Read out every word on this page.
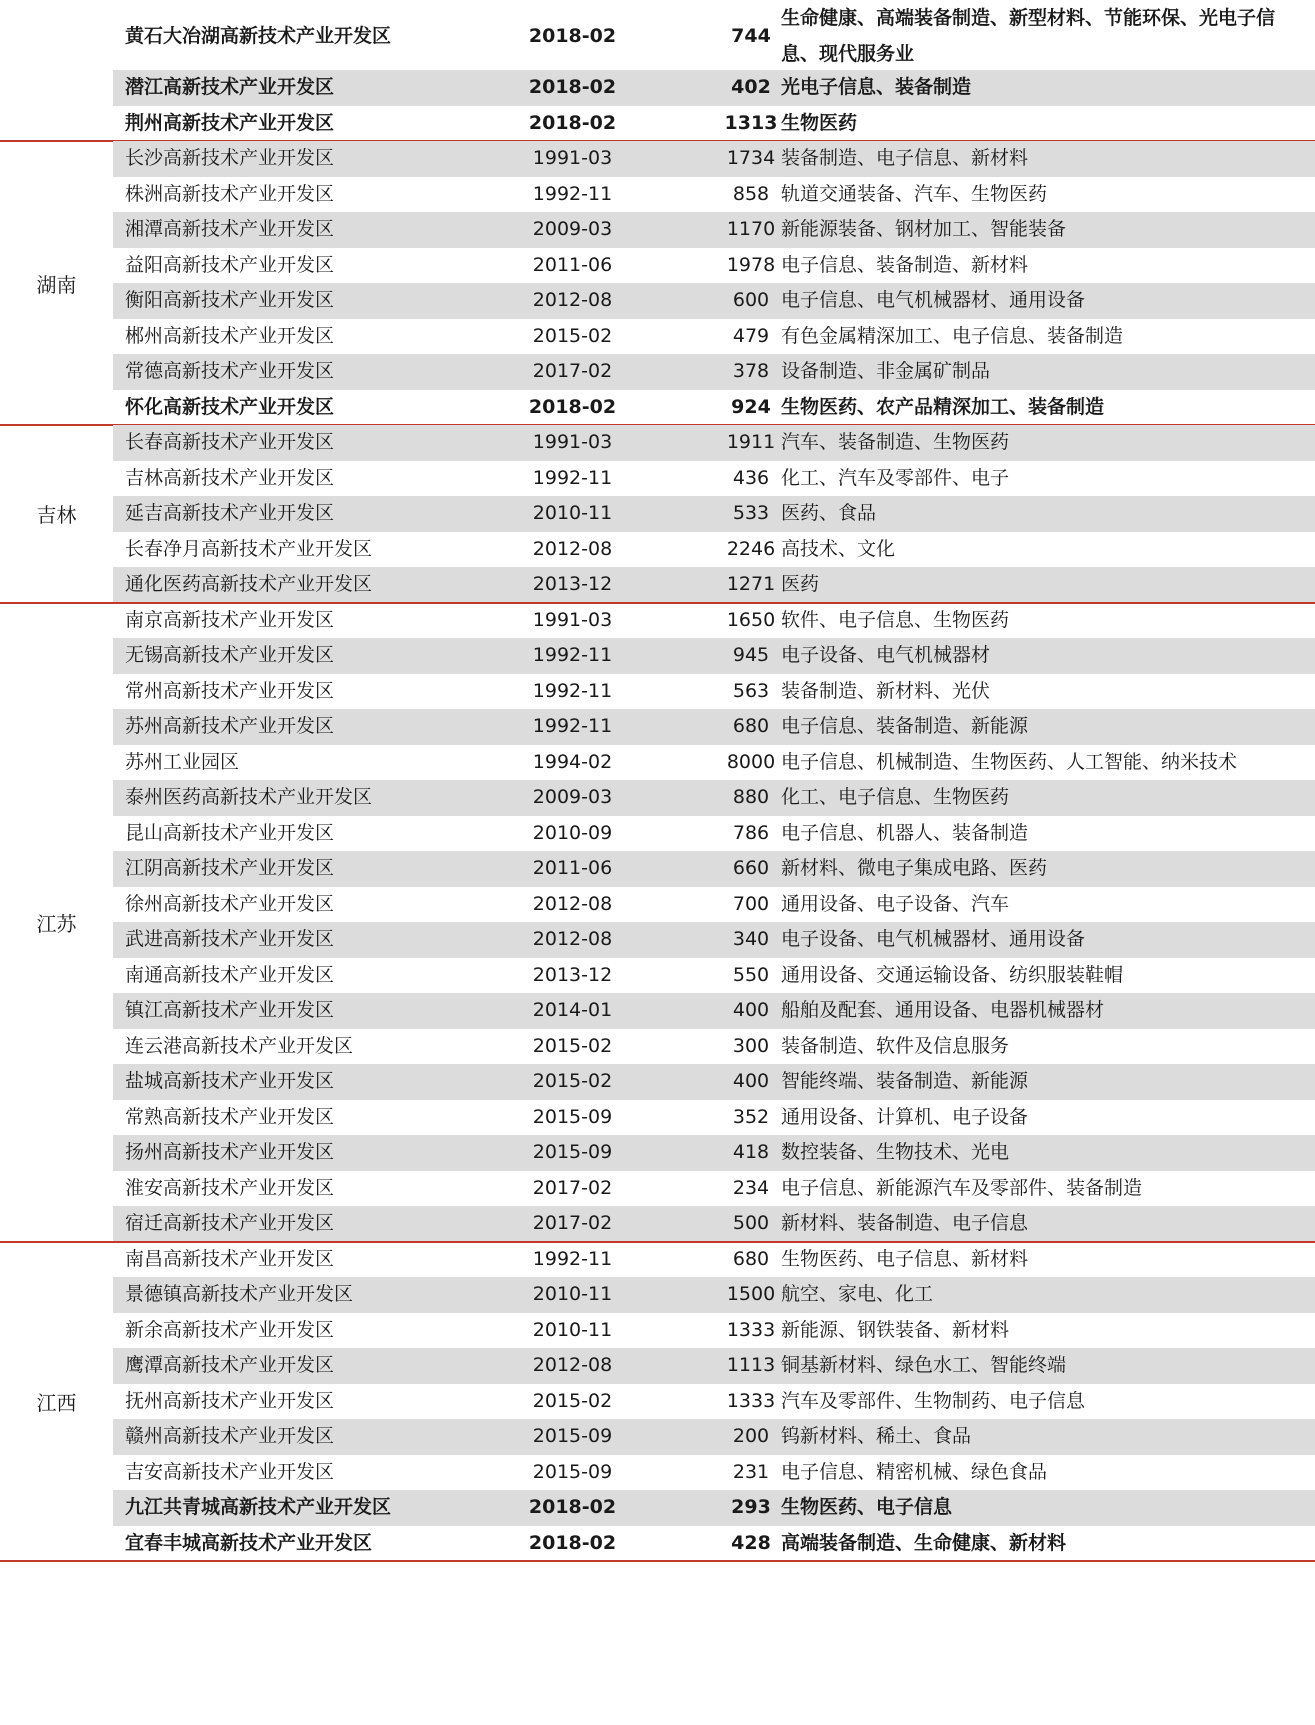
黄石大冶湖高新技术产业开发区	2018-02	744
生命健康、高端装备制造、新型材料、节能环保、光电子信息、现代服务业
潜江高新技术产业开发区	2018-02	402 光电子信息、装备制造
荆州高新技术产业开发区	2018-02	1313 生物医药
长沙高新技术产业开发区	1991-03	1734 装备制造、电子信息、新材料
株洲高新技术产业开发区	1992-11	858 轨道交通装备、汽车、生物医药
湘潭高新技术产业开发区	2009-03	1170 新能源装备、钢材加工、智能装备
益阳高新技术产业开发区	2011-06	1978 电子信息、装备制造、新材料
衡阳高新技术产业开发区	2012-08	600 电子信息、电气机械器材、通用设备
郴州高新技术产业开发区	2015-02	479 有色金属精深加工、电子信息、装备制造
常德高新技术产业开发区	2017-02	378 设备制造、非金属矿制品
怀化高新技术产业开发区	2018-02	924 生物医药、农产品精深加工、装备制造
湖南
长春高新技术产业开发区	1991-03	1911 汽车、装备制造、生物医药
吉林高新技术产业开发区	1992-11	436 化工、汽车及零部件、电子
延吉高新技术产业开发区	2010-11	533 医药、食品
长春净月高新技术产业开发区	2012-08	2246 高技术、文化
通化医药高新技术产业开发区	2013-12	1271 医药
吉林
南京高新技术产业开发区	1991-03	1650 软件、电子信息、生物医药
无锡高新技术产业开发区	1992-11	945 电子设备、电气机械器材
常州高新技术产业开发区	1992-11	563 装备制造、新材料、光伏
苏州高新技术产业开发区	1992-11	680 电子信息、装备制造、新能源
苏州工业园区	1994-02	8000 电子信息、机械制造、生物医药、人工智能、纳米技术
泰州医药高新技术产业开发区	2009-03	880 化工、电子信息、生物医药
昆山高新技术产业开发区	2010-09	786 电子信息、机器人、装备制造
江阴高新技术产业开发区	2011-06	660 新材料、微电子集成电路、医药
徐州高新技术产业开发区	2012-08	700 通用设备、电子设备、汽车
武进高新技术产业开发区	2012-08	340 电子设备、电气机械器材、通用设备
南通高新技术产业开发区	2013-12	550 通用设备、交通运输设备、纺织服装鞋帽
镇江高新技术产业开发区	2014-01	400 船舶及配套、通用设备、电器机械器材
连云港高新技术产业开发区	2015-02	300 装备制造、软件及信息服务
盐城高新技术产业开发区	2015-02	400 智能终端、装备制造、新能源
常熟高新技术产业开发区	2015-09	352 通用设备、计算机、电子设备
扬州高新技术产业开发区	2015-09	418 数控装备、生物技术、光电
淮安高新技术产业开发区	2017-02	234 电子信息、新能源汽车及零部件、装备制造
宿迁高新技术产业开发区	2017-02	500 新材料、装备制造、电子信息
江苏
南昌高新技术产业开发区	1992-11	680 生物医药、电子信息、新材料
景德镇高新技术产业开发区	2010-11	1500 航空、家电、化工
新余高新技术产业开发区	2010-11	1333 新能源、钢铁装备、新材料
鹰潭高新技术产业开发区	2012-08	1113 铜基新材料、绿色水工、智能终端
抚州高新技术产业开发区	2015-02	1333 汽车及零部件、生物制药、电子信息
赣州高新技术产业开发区	2015-09	200 钨新材料、稀土、食品
吉安高新技术产业开发区	2015-09	231 电子信息、精密机械、绿色食品
九江共青城高新技术产业开发区	2018-02	293 生物医药、电子信息
宜春丰城高新技术产业开发区	2018-02	428 高端装备制造、生命健康、新材料
江西
